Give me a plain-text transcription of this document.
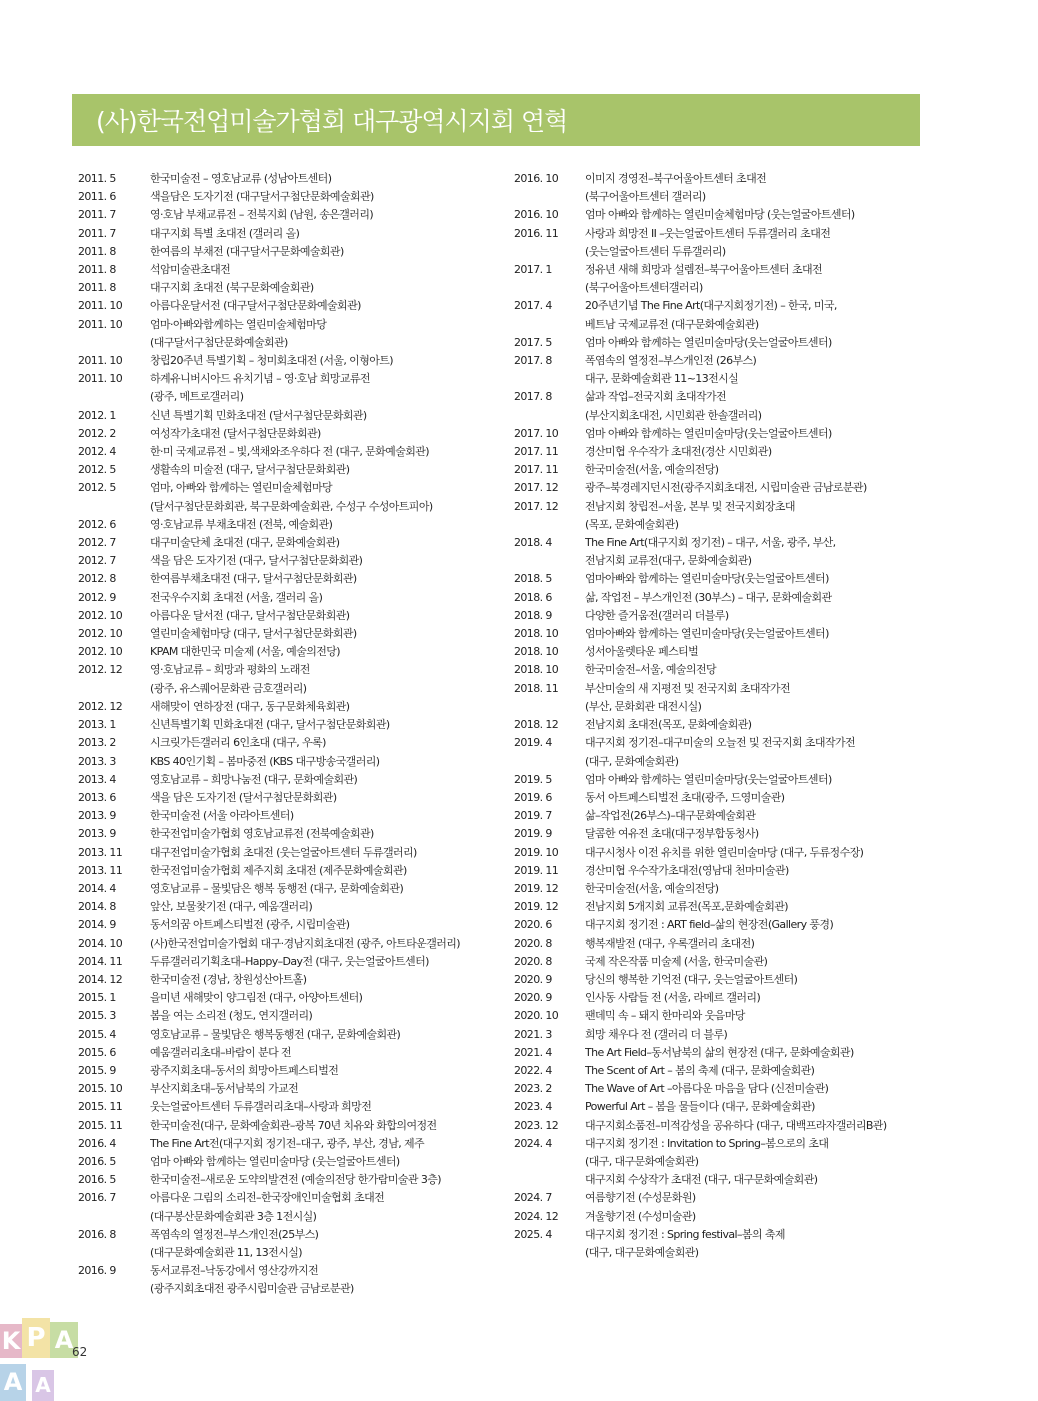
(사)한국전업미술가협회 대구광역시지회 연혁
2011. 5	한국미술전 – 영호남교류 (성남아트센터)
2011. 6	색을담은 도자기전 (대구달서구첨단문화예술회관)
2011. 7	영·호남 부채교류전 – 전북지회 (남원, 송은갤러리)
2011. 7	대구지회 특별 초대전 (갤러리 올)
2011. 8	한여름의 부채전 (대구달서구문화예술회관)
2011. 8	석암미술관초대전
2011. 8	대구지회 초대전 (북구문화예술회관)
2011. 10	아름다운달서전 (대구달서구첨단문화예술회관)
2011. 10	엄마·아빠와함께하는 열린미술체험마당
(대구달서구첨단문화예술회관)
2011. 10	창립20주년 특별기획 – 청미회초대전 (서울, 이형아트)
2011. 10	하계유니버시아드 유치기념 – 영·호남 희망교류전
(광주, 메트로갤러리)
2012. 1	신년 특별기획 민화초대전 (달서구첨단문화회관)
2012. 2	여성작가초대전 (달서구첨단문화회관)
2012. 4	한·미 국제교류전 – 빛,색채와조우하다 전 (대구, 문화예술회관)
2012. 5	생활속의 미술전 (대구, 달서구첨단문화회관)
2012. 5	엄마, 아빠와 함께하는 열린미술체험마당
(달서구첨단문화회관, 북구문화예술회관, 수성구 수성아트피아)
2012. 6	영·호남교류 부채초대전 (전북, 예술회관)
2012. 7	대구미술단체 초대전 (대구, 문화예술회관)
2012. 7	색을 담은 도자기전 (대구, 달서구첨단문화회관)
2012. 8	한여름부채초대전 (대구, 달서구첨단문화회관)
2012. 9	전국우수지회 초대전 (서울, 갤러리 올)
2012. 10	아름다운 달서전 (대구, 달서구첨단문화회관)
2012. 10	열린미술체험마당 (대구, 달서구첨단문화회관)
2012. 10	KPAM 대한민국 미술제 (서울, 예술의전당)
2012. 12	영·호남교류 – 희망과 평화의 노래전
(광주, 유스퀘어문화관 금호갤러리)
2012. 12	새해맞이 연하장전 (대구, 동구문화체육회관)
2013. 1	신년특별기획 민화초대전 (대구, 달서구첨단문화회관)
2013. 2	시크릿가든갤러리 6인초대 (대구, 우록)
2013. 3	KBS 40인기획 – 봄마중전 (KBS 대구방송국갤러리)
2013. 4	영호남교류 – 희망나눔전 (대구, 문화예술회관)
2013. 6	색을 담은 도자기전 (달서구첨단문화회관)
2013. 9	한국미술전 (서울 아라아트센터)
2013. 9	한국전업미술가협회 영호남교류전 (전북예술회관)
2013. 11	대구전업미술가협회 초대전 (웃는얼굴아트센터 두류갤러리)
2013. 11	한국전업미술가협회 제주지회 초대전 (제주문화예술회관)
2014. 4	영호남교류 – 물빛담은 행복 동행전 (대구, 문화예술회관)
2014. 8	앞산, 보물찾기전 (대구, 예움갤러리)
2014. 9	동서의꿈 아트페스티벌전 (광주, 시립미술관)
2014. 10	(사)한국전업미술가협회 대구·경남지회초대전 (광주, 아트타운갤러리)
2014. 11	두류갤러리기획초대–Happy–Day전 (대구, 웃는얼굴아트센터)
2014. 12	한국미술전 (경남, 창원성산아트홀)
2015. 1	을미년 새해맞이 양그림전 (대구, 아양아트센터)
2015. 3	봄을 여는 소리전 (청도, 연지갤러리)
2015. 4	영호남교류 – 물빛담은 행복동행전 (대구, 문화예술회관)
2015. 6	예움갤러리초대–바람이 분다 전
2015. 9	광주지회초대–동서의 희망아트페스티벌전
2015. 10	부산지회초대–동서남북의 가교전
2015. 11	웃는얼굴아트센터 두류갤러리초대–사랑과 희망전
2015. 11	한국미술전(대구, 문화예술회관–광복 70년 치유와 화합의여정전
2016. 4	The Fine Art전(대구지회 정기전–대구, 광주, 부산, 경남, 제주
2016. 5	엄마 아빠와 함께하는 열린미술마당 (웃는얼굴아트센터)
2016. 5	한국미술전–새로운 도약의발견전 (예술의전당 한가람미술관 3층)
2016. 7	아름다운 그림의 소리전–한국장애인미술협회 초대전
(대구봉산문화예술회관 3층 1전시실)
2016. 8	폭염속의 열정전–부스개인전(25부스)
(대구문화예술회관 11, 13전시실)
2016. 9	동서교류전–낙동강에서 영산강까지전
(광주지회초대전 광주시립미술관 금남로분관)
2016. 10	이미지 경영전–북구어울아트센터 초대전
(북구어울아트센터 갤러리)
2016. 10	엄마 아빠와 함께하는 열린미술체험마당 (웃는얼굴아트센터)
2016. 11	사랑과 희망전 II –웃는얼굴아트센터 두류갤러리 초대전
(웃는얼굴아트센터 두류갤러리)
2017. 1	정유년 새해 희망과 설렘전–북구어울아트센터 초대전
(북구어울아트센터갤러리)
2017. 4	20주년기념 The Fine Art(대구지회정기전) – 한국, 미국,
베트남 국제교류전 (대구문화예술회관)
2017. 5	엄마 아빠와 함께하는 열린미술마당(웃는얼굴아트센터)
2017. 8	폭염속의 열정전–부스개인전 (26부스)
대구, 문화예술회관 11~13전시실
2017. 8	삶과 작업–전국지회 초대작가전
(부산지회초대전, 시민회관 한솔갤러리)
2017. 10	엄마 아빠와 함께하는 열린미술마당(웃는얼굴아트센터)
2017. 11	경산미협 우수작가 초대전(경산 시민회관)
2017. 11	한국미술전(서울, 예술의전당)
2017. 12	광주–북경레지던시전(광주지회초대전, 시립미술관 금남로분관)
2017. 12	전남지회 창립전–서울, 본부 및 전국지회장초대
(목포, 문화예술회관)
2018. 4	The Fine Art(대구지회 정기전) – 대구, 서울, 광주, 부산,
전남지회 교류전(대구, 문화예술회관)
2018. 5	엄마아빠와 함께하는 열린미술마당(웃는얼굴아트센터)
2018. 6	삶, 작업전 – 부스개인전 (30부스) – 대구, 문화예술회관
2018. 9	다양한 즐거움전(갤러리 더블루)
2018. 10	엄마아빠와 함께하는 열린미술마당(웃는얼굴아트센터)
2018. 10	성서아울렛타운 페스티벌
2018. 10	한국미술전–서울, 예술의전당
2018. 11	부산미술의 새 지평전 및 전국지회 초대작가전
(부산, 문화회관 대전시실)
2018. 12	전남지회 초대전(목포, 문화예술회관)
2019. 4	대구지회 정기전–대구미술의 오늘전 및 전국지회 초대작가전
(대구, 문화예술회관)
2019. 5	엄마 아빠와 함께하는 열린미술마당(웃는얼굴아트센터)
2019. 6	동서 아트페스티벌전 초대(광주, 드영미술관)
2019. 7	삶–작업전(26부스)–대구문화예술회관
2019. 9	달콤한 여유전 초대(대구정부합동청사)
2019. 10	대구시청사 이전 유치를 위한 열린미술마당 (대구, 두류정수장)
2019. 11	경산미협 우수작가초대전(영남대 천마미술관)
2019. 12	한국미술전(서울, 예술의전당)
2019. 12	전남지회 5개지회 교류전(목포,문화예술회관)
2020. 6	대구지회 정기전 : ART field–삶의 현장전(Gallery 풍경)
2020. 8	행복재발전 (대구, 우록갤러리 초대전)
2020. 8	국제 작은작품 미술제 (서울, 한국미술관)
2020. 9	당신의 행복한 기억전 (대구, 웃는얼굴아트센터)
2020. 9	인사동 사람들 전 (서울, 라메르 갤러리)
2020. 10	팬데믹 속 – 돼지 한마리와 웃음마당
2021. 3	희망 채우다 전 (갤러리 더 블루)
2021. 4	The Art Field–동서남북의 삶의 현장전 (대구, 문화예술회관)
2022. 4	The Scent of Art – 봄의 축제 (대구, 문화예술회관)
2023. 2	The Wave of Art –아름다운 마음을 담다 (신전미술관)
2023. 4	Powerful Art – 봄을 물들이다 (대구, 문화예술회관)
2023. 12	대구지회소품전–미적감성을 공유하다 (대구, 대백프라자갤러리B관)
2024. 4	대구지회 정기전 : Invitation to Spring–봄으로의 초대
(대구, 대구문화예술회관)
대구지회 수상작가 초대전 (대구, 대구문화예술회관)
2024. 7	여름향기전 (수성문화원)
2024. 12	겨울향기전 (수성미술관)
2025. 4	대구지회 정기전 : Spring festival–봄의 축제
(대구, 대구문화예술회관)
K P A
A A
62
